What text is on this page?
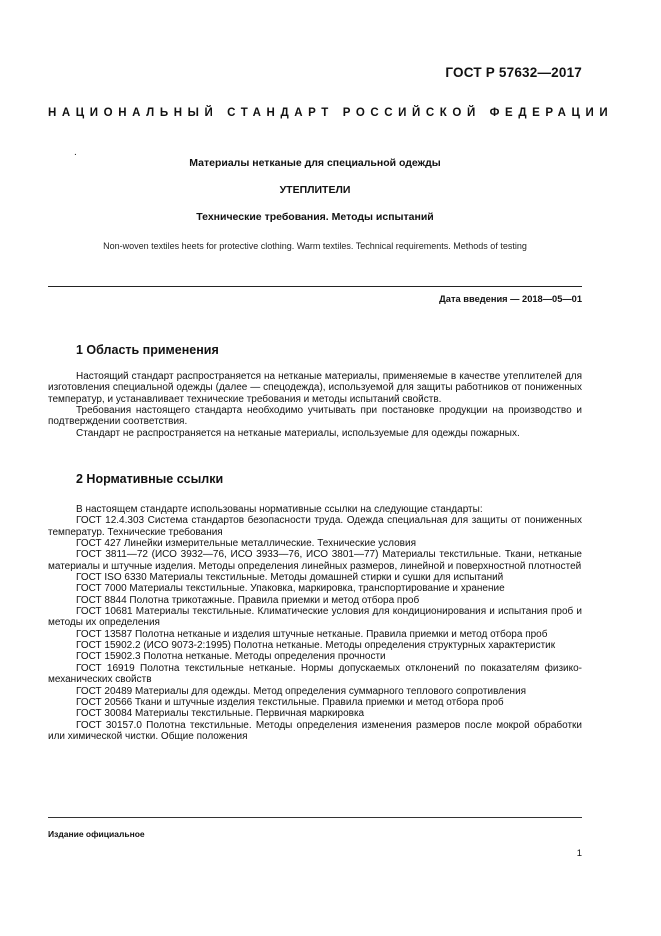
ГОСТ Р 57632—2017
НАЦИОНАЛЬНЫЙ СТАНДАРТ РОССИЙСКОЙ ФЕДЕРАЦИИ
.
Материалы нетканые для специальной одежды
УТЕПЛИТЕЛИ
Технические требования. Методы испытаний
Non-woven textiles heets for protective clothing. Warm textiles. Technical requirements. Methods of testing
Дата введения — 2018—05—01
1 Область применения

Настоящий стандарт распространяется на нетканые материалы, применяемые в качестве утеплителей для изготовления специальной одежды (далее — спецодежда), используемой для защиты работников от пониженных температур, и устанавливает технические требования и методы испытаний свойств.

Требования настоящего стандарта необходимо учитывать при постановке продукции на производство и подтверждении соответствия.

Стандарт не распространяется на нетканые материалы, используемые для одежды пожарных.

2 Нормативные ссылки

В настоящем стандарте использованы нормативные ссылки на следующие стандарты:

ГОСТ 12.4.303 Система стандартов безопасности труда. Одежда специальная для защиты от пониженных температур. Технические требования

ГОСТ 427 Линейки измерительные металлические. Технические условия

ГОСТ 3811—72 (ИСО 3932—76, ИСО 3933—76, ИСО 3801—77) Материалы текстильные. Ткани, нетканые материалы и штучные изделия. Методы определения линейных размеров, линейной и поверхностной плотностей

ГОСТ ISO 6330 Материалы текстильные. Методы домашней стирки и сушки для испытаний

ГОСТ 7000 Материалы текстильные. Упаковка, маркировка, транспортирование и хранение

ГОСТ 8844 Полотна трикотажные. Правила приемки и метод отбора проб

ГОСТ 10681 Материалы текстильные. Климатические условия для кондиционирования и испытания проб и методы их определения

ГОСТ 13587 Полотна нетканые и изделия штучные нетканые. Правила приемки и метод отбора проб

ГОСТ 15902.2 (ИСО 9073-2:1995) Полотна нетканые. Методы определения структурных характеристик

ГОСТ 15902.3 Полотна нетканые. Методы определения прочности

ГОСТ 16919 Полотна текстильные нетканые. Нормы допускаемых отклонений по показателям физико-механических свойств

ГОСТ 20489 Материалы для одежды. Метод определения суммарного теплового сопротивления

ГОСТ 20566 Ткани и штучные изделия текстильные. Правила приемки и метод отбора проб

ГОСТ 30084 Материалы текстильные. Первичная маркировка

ГОСТ 30157.0 Полотна текстильные. Методы определения изменения размеров после мокрой обработки или химической чистки. Общие положения

Издание официальное
1
